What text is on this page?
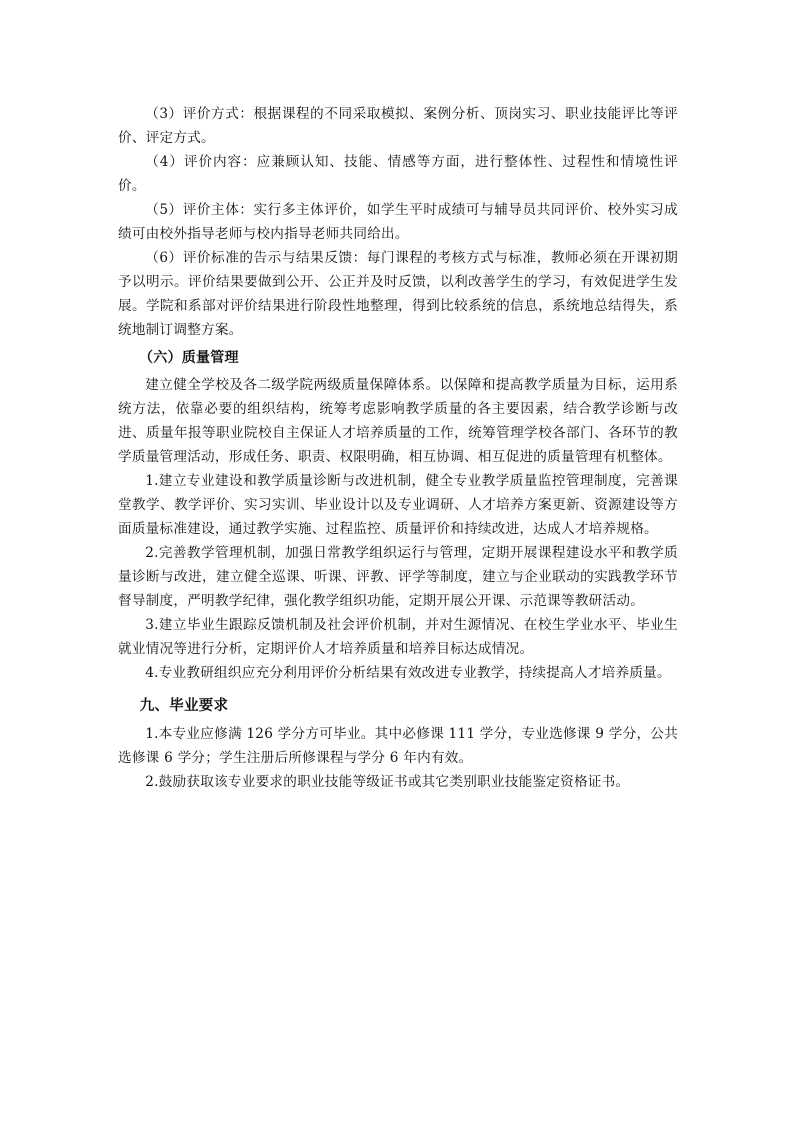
（3）评价方式：根据课程的不同采取模拟、案例分析、顶岗实习、职业技能评比等评价、评定方式。

（4）评价内容：应兼顾认知、技能、情感等方面，进行整体性、过程性和情境性评价。

（5）评价主体：实行多主体评价，如学生平时成绩可与辅导员共同评价、校外实习成绩可由校外指导老师与校内指导老师共同给出。

（6）评价标准的告示与结果反馈：每门课程的考核方式与标准，教师必须在开课初期予以明示。评价结果要做到公开、公正并及时反馈，以利改善学生的学习，有效促进学生发展。学院和系部对评价结果进行阶段性地整理，得到比较系统的信息，系统地总结得失，系统地制订调整方案。

（六）质量管理

建立健全学校及各二级学院两级质量保障体系。以保障和提高教学质量为目标，运用系统方法，依靠必要的组织结构，统筹考虑影响教学质量的各主要因素，结合教学诊断与改进、质量年报等职业院校自主保证人才培养质量的工作，统筹管理学校各部门、各环节的教学质量管理活动，形成任务、职责、权限明确，相互协调、相互促进的质量管理有机整体。

1.建立专业建设和教学质量诊断与改进机制，健全专业教学质量监控管理制度，完善课堂教学、教学评价、实习实训、毕业设计以及专业调研、人才培养方案更新、资源建设等方面质量标准建设，通过教学实施、过程监控、质量评价和持续改进，达成人才培养规格。

2.完善教学管理机制，加强日常教学组织运行与管理，定期开展课程建设水平和教学质量诊断与改进，建立健全巡课、听课、评教、评学等制度，建立与企业联动的实践教学环节督导制度，严明教学纪律，强化教学组织功能，定期开展公开课、示范课等教研活动。

3.建立毕业生跟踪反馈机制及社会评价机制，并对生源情况、在校生学业水平、毕业生就业情况等进行分析，定期评价人才培养质量和培养目标达成情况。

4.专业教研组织应充分利用评价分析结果有效改进专业教学，持续提高人才培养质量。

九、毕业要求

1.本专业应修满 126 学分方可毕业。其中必修课 111 学分，专业选修课 9 学分，公共选修课 6 学分；学生注册后所修课程与学分 6 年内有效。

2.鼓励获取该专业要求的职业技能等级证书或其它类别职业技能鉴定资格证书。
